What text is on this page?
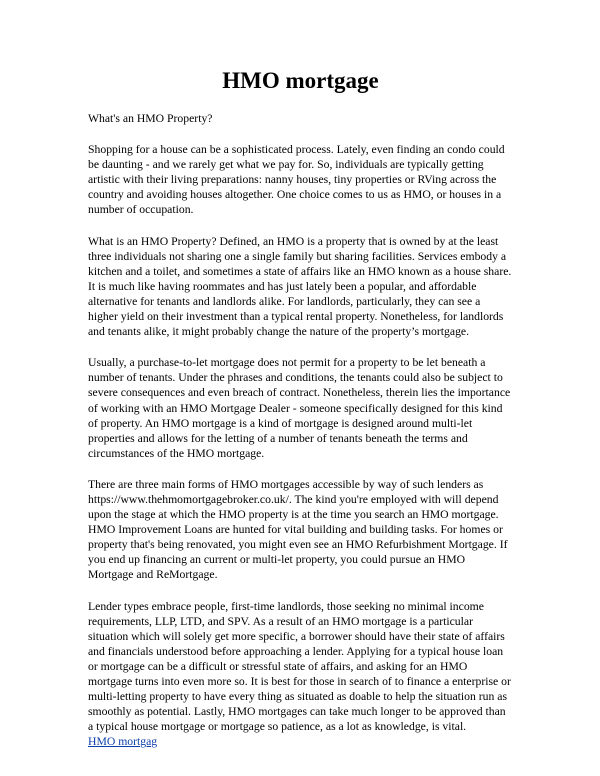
HMO mortgage

What's an HMO Property?

Shopping for a house can be a sophisticated process. Lately, even finding an condo could be daunting - and we rarely get what we pay for. So, individuals are typically getting artistic with their living preparations: nanny houses, tiny properties or RVing across the country and avoiding houses altogether. One choice comes to us as HMO, or houses in a number of occupation.

What is an HMO Property? Defined, an HMO is a property that is owned by at the least three individuals not sharing one a single family but sharing facilities. Services embody a kitchen and a toilet, and sometimes a state of affairs like an HMO known as a house share. It is much like having roommates and has just lately been a popular, and affordable alternative for tenants and landlords alike. For landlords, particularly, they can see a higher yield on their investment than a typical rental property. Nonetheless, for landlords and tenants alike, it might probably change the nature of the property’s mortgage.

Usually, a purchase-to-let mortgage does not permit for a property to be let beneath a number of tenants. Under the phrases and conditions, the tenants could also be subject to severe consequences and even breach of contract. Nonetheless, therein lies the importance of working with an HMO Mortgage Dealer - someone specifically designed for this kind of property. An HMO mortgage is a kind of mortgage is designed around multi-let properties and allows for the letting of a number of tenants beneath the terms and circumstances of the HMO mortgage.

There are three main forms of HMO mortgages accessible by way of such lenders as https://www.thehmomortgagebroker.co.uk/. The kind you're employed with will depend upon the stage at which the HMO property is at the time you search an HMO mortgage. HMO Improvement Loans are hunted for vital building and building tasks. For homes or property that's being renovated, you might even see an HMO Refurbishment Mortgage. If you end up financing an current or multi-let property, you could pursue an HMO Mortgage and ReMortgage.

Lender types embrace people, first-time landlords, those seeking no minimal income requirements, LLP, LTD, and SPV. As a result of an HMO mortgage is a particular situation which will solely get more specific, a borrower should have their state of affairs and financials understood before approaching a lender. Applying for a typical house loan or mortgage can be a difficult or stressful state of affairs, and asking for an HMO mortgage turns into even more so. It is best for those in search of to finance a enterprise or multi-letting property to have every thing as situated as doable to help the situation run as smoothly as potential. Lastly, HMO mortgages can take much longer to be approved than a typical house mortgage or mortgage so patience, as a lot as knowledge, is vital.
HMO mortgag
